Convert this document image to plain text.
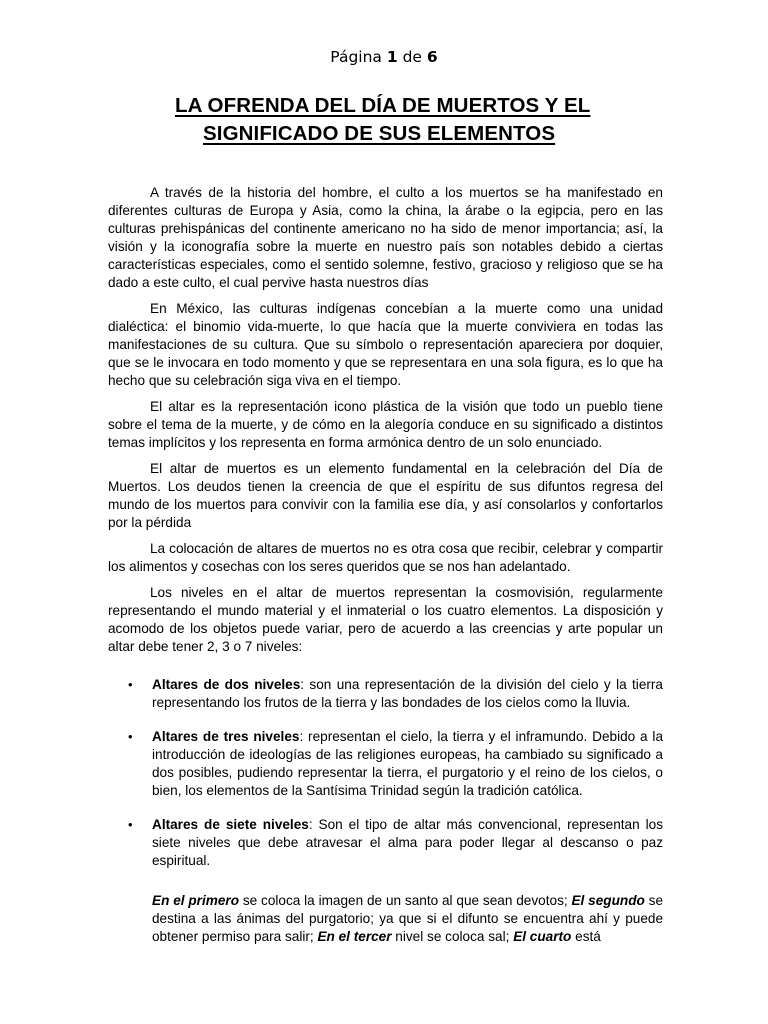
Página 1 de 6
LA OFRENDA DEL DÍA DE MUERTOS Y EL
SIGNIFICADO DE SUS ELEMENTOS

A través de la historia del hombre, el culto a los muertos se ha manifestado en diferentes culturas de Europa y Asia, como la china, la árabe o la egipcia, pero en las culturas prehispánicas del continente americano no ha sido de menor importancia; así, la visión y la iconografía sobre la muerte en nuestro país son notables debido a ciertas características especiales, como el sentido solemne, festivo, gracioso y religioso que se ha dado a este culto, el cual pervive hasta nuestros días

En México, las culturas indígenas concebían a la muerte como una unidad dialéctica: el binomio vida-muerte, lo que hacía que la muerte conviviera en todas las manifestaciones de su cultura. Que su símbolo o representación apareciera por doquier, que se le invocara en todo momento y que se representara en una sola figura, es lo que ha hecho que su celebración siga viva en el tiempo.

El altar es la representación icono plástica de la visión que todo un pueblo tiene sobre el tema de la muerte, y de cómo en la alegoría conduce en su significado a distintos temas implícitos y los representa en forma armónica dentro de un solo enunciado.

El altar de muertos es un elemento fundamental en la celebración del Día de Muertos. Los deudos tienen la creencia de que el espíritu de sus difuntos regresa del mundo de los muertos para convivir con la familia ese día, y así consolarlos y confortarlos por la pérdida

La colocación de altares de muertos no es otra cosa que recibir, celebrar y compartir los alimentos y cosechas con los seres queridos que se nos han adelantado.

Los niveles en el altar de muertos representan la cosmovisión, regularmente representando el mundo material y el inmaterial o los cuatro elementos. La disposición y acomodo de los objetos puede variar, pero de acuerdo a las creencias y arte popular un altar debe tener 2, 3 o 7 niveles:

• Altares de dos niveles: son una representación de la división del cielo y la tierra representando los frutos de la tierra y las bondades de los cielos como la lluvia.
• Altares de tres niveles: representan el cielo, la tierra y el inframundo. Debido a la introducción de ideologías de las religiones europeas, ha cambiado su significado a dos posibles, pudiendo representar la tierra, el purgatorio y el reino de los cielos, o bien, los elementos de la Santísima Trinidad según la tradición católica.
• Altares de siete niveles: Son el tipo de altar más convencional, representan los siete niveles que debe atravesar el alma para poder llegar al descanso o paz espiritual.
En el primero se coloca la imagen de un santo al que sean devotos; El segundo se destina a las ánimas del purgatorio; ya que si el difunto se encuentra ahí y puede obtener permiso para salir; En el tercer nivel se coloca sal; El cuarto está
